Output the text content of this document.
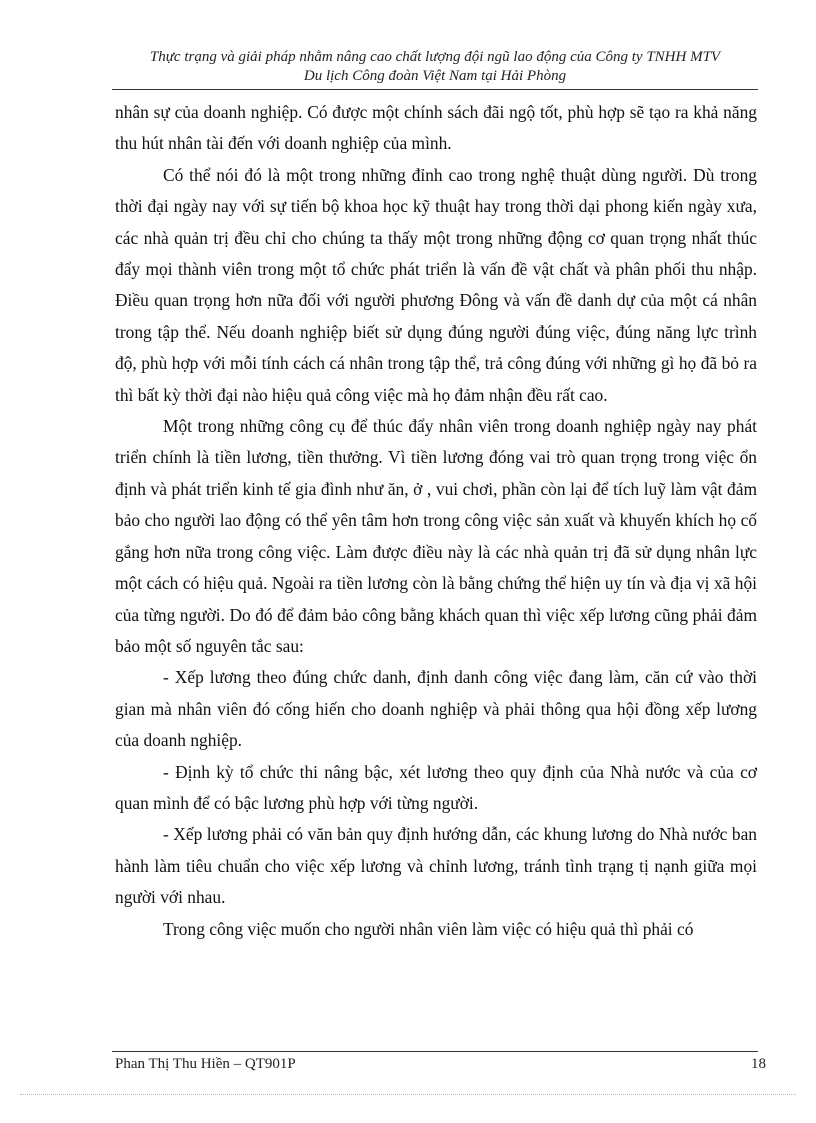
Thực trạng và giải pháp nhằm nâng cao chất lượng đội ngũ lao động của Công ty TNHH MTV
Du lịch Công đoàn Việt Nam tại Hải Phòng

nhân sự của doanh nghiệp. Có được một chính sách đãi ngộ tốt, phù hợp sẽ tạo ra khả năng thu hút nhân tài đến với doanh nghiệp của mình.

Có thể nói đó là một trong những đỉnh cao trong nghệ thuật dùng người. Dù trong thời đại ngày nay với sự tiến bộ khoa học kỹ thuật hay trong thời dại phong kiến ngày xưa, các nhà quản trị đều chỉ cho chúng ta thấy một trong những động cơ quan trọng nhất thúc đẩy mọi thành viên trong một tổ chức phát triển là vấn đề vật chất và phân phối thu nhập. Điều quan trọng hơn nữa đối với người phương Đông và vấn đề danh dự của một cá nhân trong tập thể. Nếu doanh nghiệp biết sử dụng đúng người đúng việc, đúng năng lực trình độ, phù hợp với mỗi tính cách cá nhân trong tập thể, trả công đúng với những gì họ đã bỏ ra thì bất kỳ thời đại nào hiệu quả công việc mà họ đảm nhận đều rất cao.

Một trong những công cụ để thúc đẩy nhân viên trong doanh nghiệp ngày nay phát triển chính là tiền lương, tiền thưởng. Vì tiền lương đóng vai trò quan trọng trong việc ổn định và phát triển kinh tế gia đình như ăn, ở , vui chơi, phần còn lại để tích luỹ làm vật đảm bảo cho người lao động có thể yên tâm hơn trong công việc sản xuất và khuyến khích họ cố gắng hơn nữa trong công việc. Làm được điều này là các nhà quản trị đã sử dụng nhân lực một cách có hiệu quả. Ngoài ra tiền lương còn là bằng chứng thể hiện uy tín và địa vị xã hội của từng người. Do đó để đảm bảo công bằng khách quan thì việc xếp lương cũng phải đảm bảo một số nguyên tắc sau:

- Xếp lương theo đúng chức danh, định danh công việc đang làm, căn cứ vào thời gian mà nhân viên đó cống hiến cho doanh nghiệp và phải thông qua hội đồng xếp lương của doanh nghiệp.

- Định kỳ tổ chức thi nâng bậc, xét lương theo quy định của Nhà nước và của cơ quan mình để có bậc lương phù hợp với từng người.

- Xếp lương phải có văn bản quy định hướng dẫn, các khung lương do Nhà nước ban hành làm tiêu chuẩn cho việc xếp lương và chỉnh lương, tránh tình trạng tị nạnh giữa mọi người với nhau.

Trong công việc muốn cho người nhân viên làm việc có hiệu quả thì phải có

Phan Thị Thu Hiền – QT901P	18
